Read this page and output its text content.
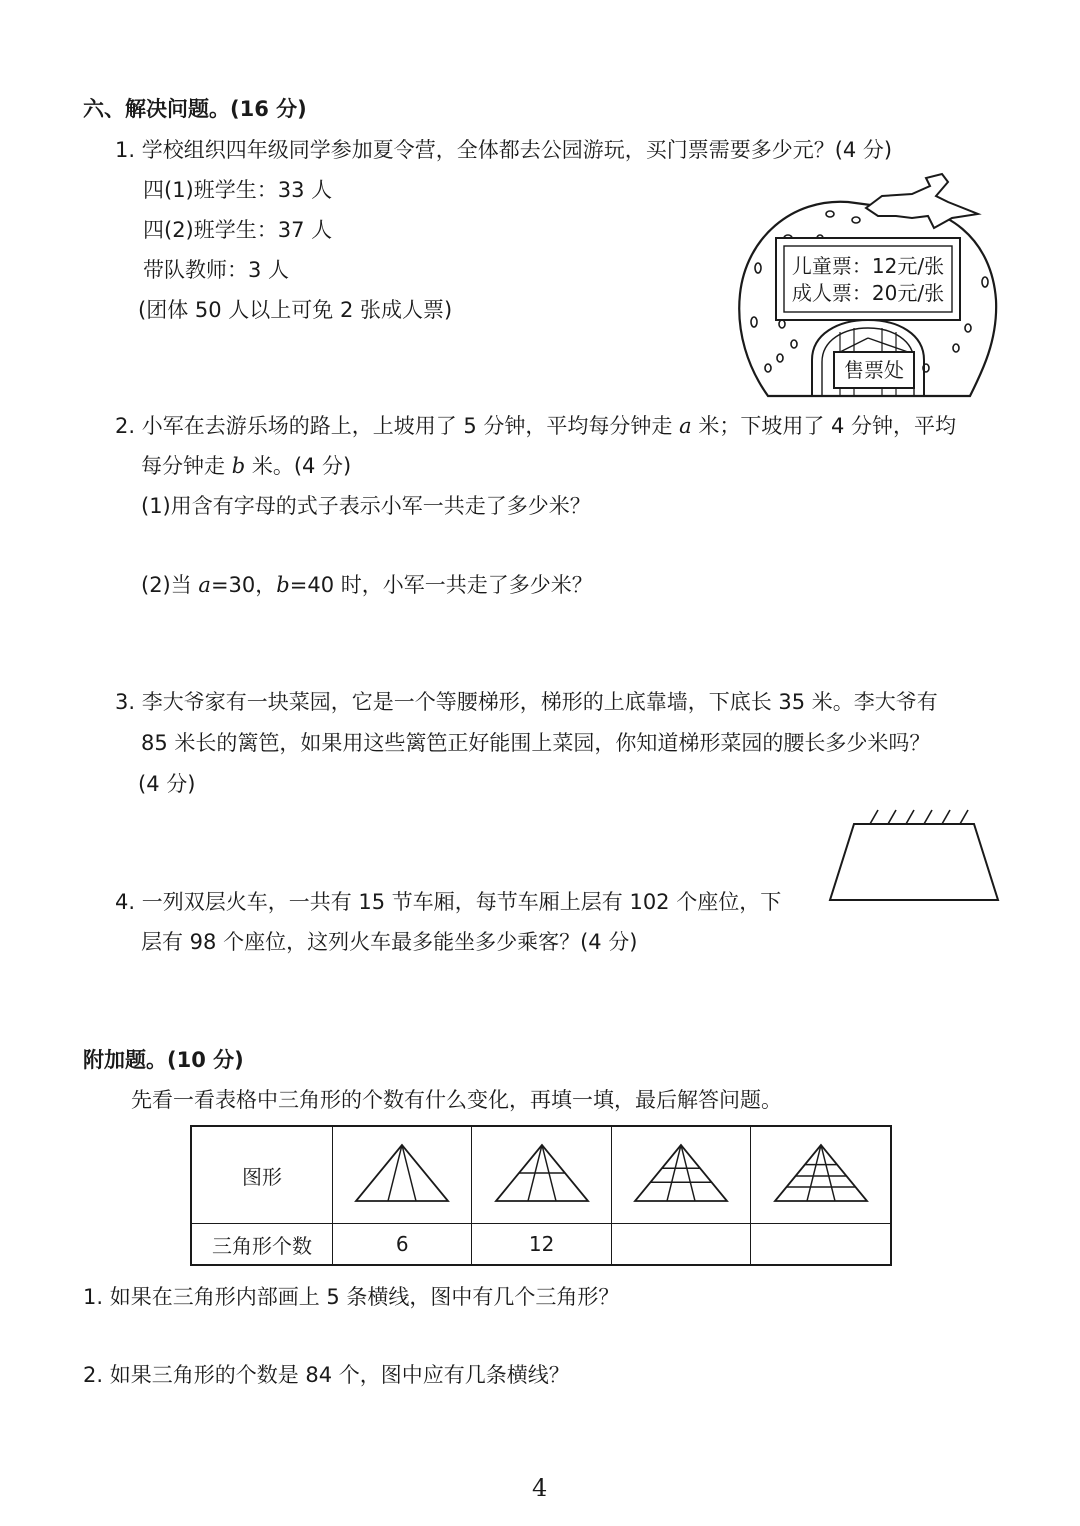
六、解决问题。(16 分)
1. 学校组织四年级同学参加夏令营，全体都去公园游玩，买门票需要多少元？(4 分)
四(1)班学生：33 人
四(2)班学生：37 人
带队教师：3 人
(团体 50 人以上可免 2 张成人票)
儿童票：12元/张
成人票：20元/张
售票处
2. 小军在去游乐场的路上，上坡用了 5 分钟，平均每分钟走 a 米；下坡用了 4 分钟，平均
每分钟走 b 米。(4 分)
(1)用含有字母的式子表示小军一共走了多少米？
(2)当 a=30，b=40 时，小军一共走了多少米？
3. 李大爷家有一块菜园，它是一个等腰梯形，梯形的上底靠墙，下底长 35 米。李大爷有
85 米长的篱笆，如果用这些篱笆正好能围上菜园，你知道梯形菜园的腰长多少米吗？
(4 分)
4. 一列双层火车，一共有 15 节车厢，每节车厢上层有 102 个座位，下
层有 98 个座位，这列火车最多能坐多少乘客？(4 分)
附加题。(10 分)
先看一看表格中三角形的个数有什么变化，再填一填，最后解答问题。
图形				
三角形个数	6	12		
1. 如果在三角形内部画上 5 条横线，图中有几个三角形？
2. 如果三角形的个数是 84 个，图中应有几条横线？
4
